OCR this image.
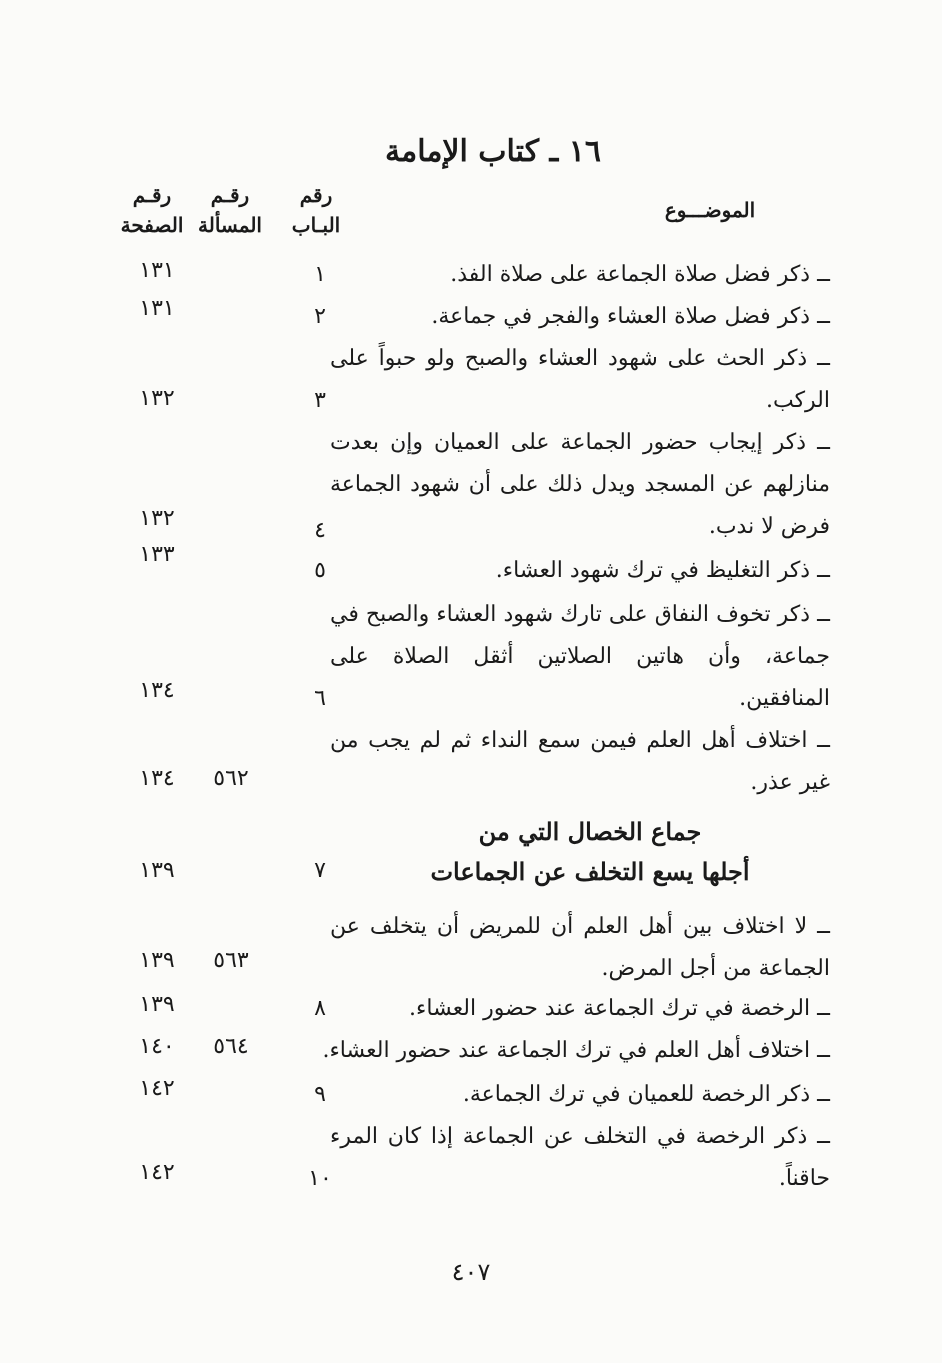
١٦ ـ كتاب الإمامة
الموضـــوع
رقم
البـاب
رقـم
المسألة
رقـم
الصفحة
ــ ذكر فضل صلاة الجماعة على صلاة الفذ.
١
١٣١
ــ ذكر فضل صلاة العشاء والفجر في جماعة.
٢
١٣١
ــ ذكر الحث على شهود العشاء والصبح ولو حبواً على
الركب.
٣
١٣٢
ــ ذكر إيجاب حضور الجماعة على العميان وإن بعدت
منازلهم عن المسجد ويدل ذلك على أن شهود الجماعة
فرض لا ندب.
٤
١٣٢
ــ ذكر التغليظ في ترك شهود العشاء.
٥
١٣٣
ــ ذكر تخوف النفاق على تارك شهود العشاء والصبح في
جماعة، وأن هاتين الصلاتين أثقل الصلاة على
المنافقين.
٦
١٣٤
ــ اختلاف أهل العلم فيمن سمع النداء ثم لم يجب من
غير عذر.
٥٦٢
١٣٤
جماع الخصال التي من
أجلها يسع التخلف عن الجماعات
٧
١٣٩
ــ لا اختلاف بين أهل العلم أن للمريض أن يتخلف عن
الجماعة من أجل المرض.
٥٦٣
١٣٩
ــ الرخصة في ترك الجماعة عند حضور العشاء.
٨
١٣٩
ــ اختلاف أهل العلم في ترك الجماعة عند حضور العشاء.
٥٦٤
١٤٠
ــ ذكر الرخصة للعميان في ترك الجماعة.
٩
١٤٢
ــ ذكر الرخصة في التخلف عن الجماعة إذا كان المرء
حاقناً.
١٠
١٤٢
٤٠٧
